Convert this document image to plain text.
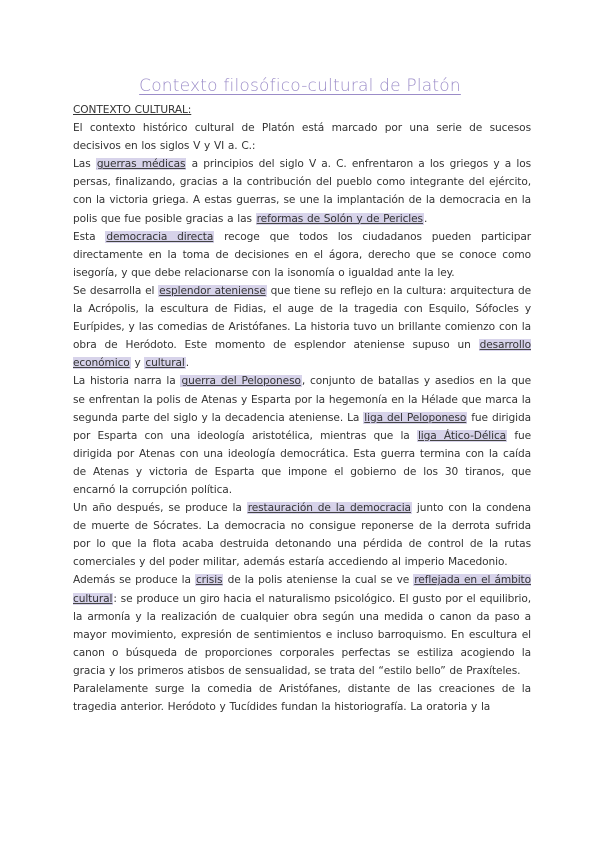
Contexto filosófico-cultural de Platón

CONTEXTO CULTURAL:

El contexto histórico cultural de Platón está marcado por una serie de sucesos decisivos en los siglos V y VI a. C.:

Las guerras médicas a principios del siglo V a. C. enfrentaron a los griegos y a los persas, finalizando, gracias a la contribución del pueblo como integrante del ejército, con la victoria griega. A estas guerras, se une la implantación de la democracia en la polis que fue posible gracias a las reformas de Solón y de Pericles.

Esta democracia directa recoge que todos los ciudadanos pueden participar directamente en la toma de decisiones en el ágora, derecho que se conoce como isegoría, y que debe relacionarse con la isonomía o igualdad ante la ley.

Se desarrolla el esplendor ateniense que tiene su reflejo en la cultura: arquitectura de la Acrópolis, la escultura de Fidias, el auge de la tragedia con Esquilo, Sófocles y Eurípides, y las comedias de Aristófanes. La historia tuvo un brillante comienzo con la obra de Heródoto. Este momento de esplendor ateniense supuso un desarrollo económico y cultural.

La historia narra la guerra del Peloponeso, conjunto de batallas y asedios en la que se enfrentan la polis de Atenas y Esparta por la hegemonía en la Hélade que marca la segunda parte del siglo y la decadencia ateniense. La liga del Peloponeso fue dirigida por Esparta con una ideología aristotélica, mientras que la liga Ático-Délica fue dirigida por Atenas con una ideología democrática. Esta guerra termina con la caída de Atenas y victoria de Esparta que impone el gobierno de los 30 tiranos, que encarnó la corrupción política.

Un año después, se produce la restauración de la democracia junto con la condena de muerte de Sócrates. La democracia no consigue reponerse de la derrota sufrida por lo que la flota acaba destruida detonando una pérdida de control de la rutas comerciales y del poder militar, además estaría accediendo al imperio Macedonio.

Además se produce la crisis de la polis ateniense la cual se ve reflejada en el ámbito cultural: se produce un giro hacia el naturalismo psicológico. El gusto por el equilibrio, la armonía y la realización de cualquier obra según una medida o canon da paso a mayor movimiento, expresión de sentimientos e incluso barroquismo. En escultura el canon o búsqueda de proporciones corporales perfectas se estiliza acogiendo la gracia y los primeros atisbos de sensualidad, se trata del “estilo bello” de Praxíteles.

Paralelamente surge la comedia de Aristófanes, distante de las creaciones de la tragedia anterior. Heródoto y Tucídides fundan la historiografía. La oratoria y la
